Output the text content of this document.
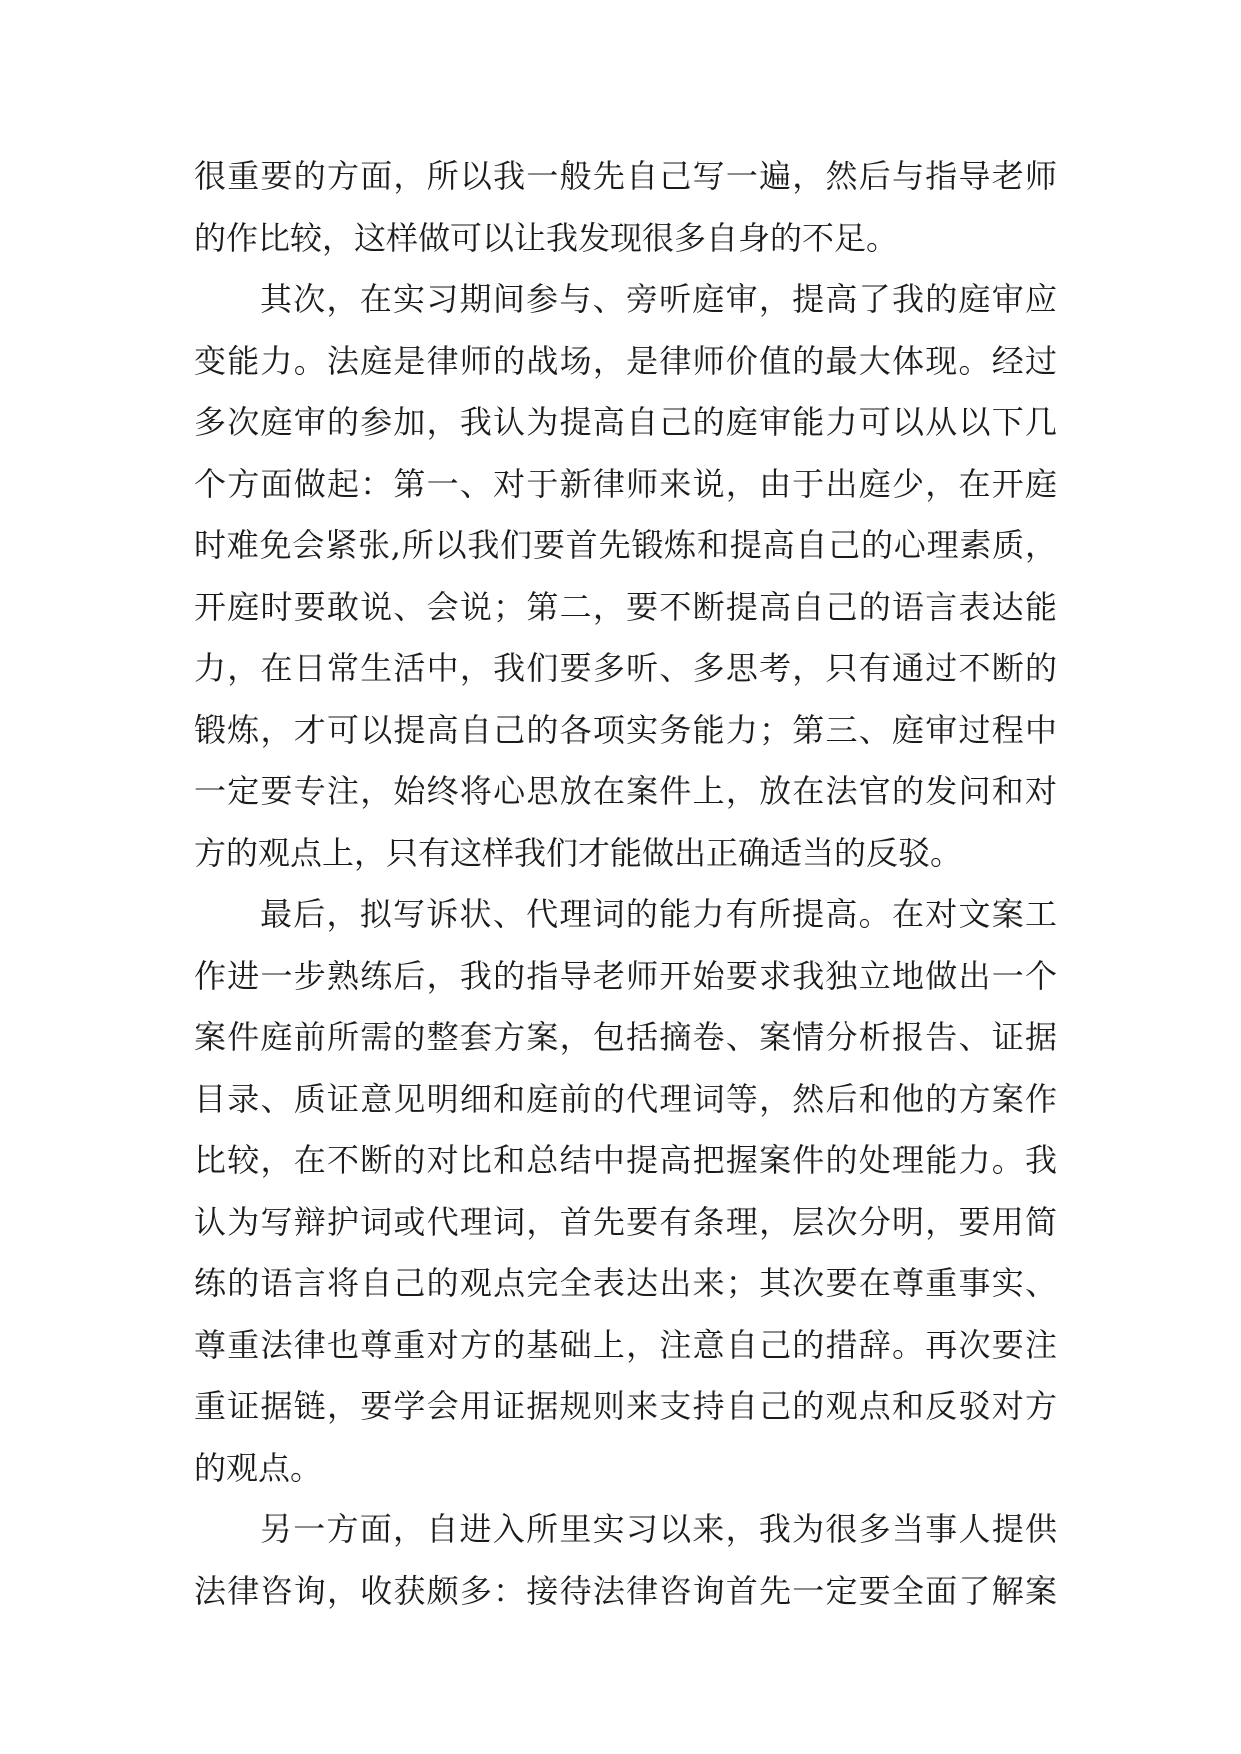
很重要的方面，所以我一般先自己写一遍，然后与指导老师
的作比较，这样做可以让我发现很多自身的不足。
其次，在实习期间参与、旁听庭审，提高了我的庭审应
变能力。法庭是律师的战场，是律师价值的最大体现。经过
多次庭审的参加，我认为提高自己的庭审能力可以从以下几
个方面做起：第一、对于新律师来说，由于出庭少，在开庭
时难免会紧张,所以我们要首先锻炼和提高自己的心理素质，
开庭时要敢说、会说；第二，要不断提高自己的语言表达能
力，在日常生活中，我们要多听、多思考，只有通过不断的
锻炼，才可以提高自己的各项实务能力；第三、庭审过程中
一定要专注，始终将心思放在案件上，放在法官的发问和对
方的观点上，只有这样我们才能做出正确适当的反驳。
最后，拟写诉状、代理词的能力有所提高。在对文案工
作进一步熟练后，我的指导老师开始要求我独立地做出一个
案件庭前所需的整套方案，包括摘卷、案情分析报告、证据
目录、质证意见明细和庭前的代理词等，然后和他的方案作
比较，在不断的对比和总结中提高把握案件的处理能力。我
认为写辩护词或代理词，首先要有条理，层次分明，要用简
练的语言将自己的观点完全表达出来；其次要在尊重事实、
尊重法律也尊重对方的基础上，注意自己的措辞。再次要注
重证据链，要学会用证据规则来支持自己的观点和反驳对方
的观点。
另一方面，自进入所里实习以来，我为很多当事人提供
法律咨询，收获颇多：接待法律咨询首先一定要全面了解案
